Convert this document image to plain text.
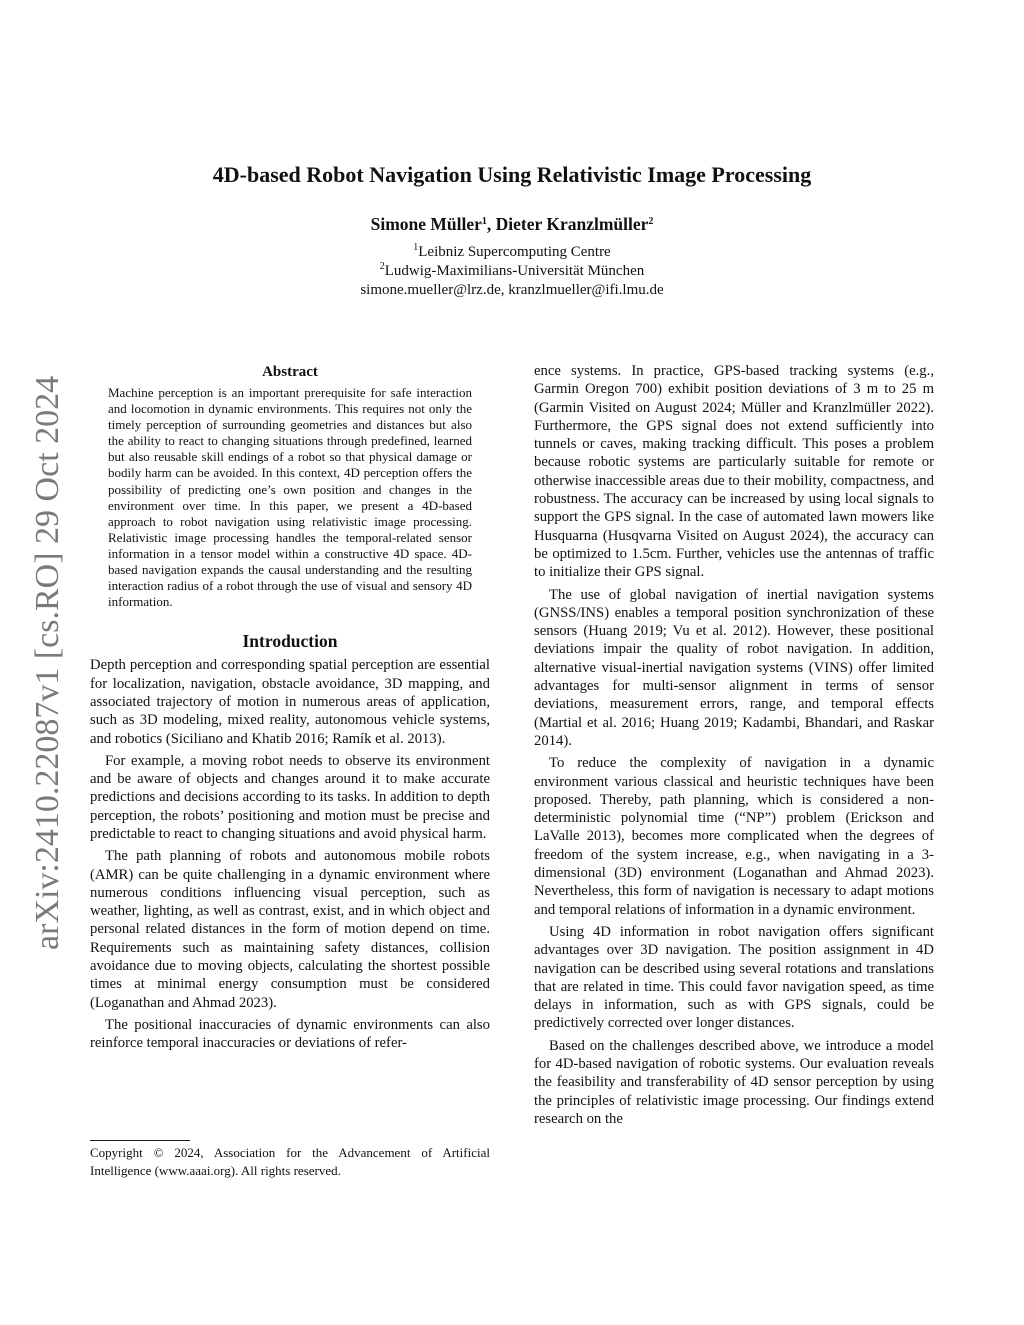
arXiv:2410.22087v1 [cs.RO] 29 Oct 2024
4D-based Robot Navigation Using Relativistic Image Processing
Simone Müller$^1$, Dieter Kranzlmüller$^2$
$^1$Leibniz Supercomputing Centre
$^2$Ludwig-Maximilians-Universität München
simone.mueller@lrz.de, kranzlmueller@ifi.lmu.de
Abstract

Machine perception is an important prerequisite for safe interaction and locomotion in dynamic environments. This requires not only the timely perception of surrounding geometries and distances but also the ability to react to changing situations through predefined, learned but also reusable skill endings of a robot so that physical damage or bodily harm can be avoided. In this context, 4D perception offers the possibility of predicting one’s own position and changes in the environment over time. In this paper, we present a 4D-based approach to robot navigation using relativistic image processing. Relativistic image processing handles the temporal-related sensor information in a tensor model within a constructive 4D space. 4D-based navigation expands the causal understanding and the resulting interaction radius of a robot through the use of visual and sensory 4D information.

Introduction

Depth perception and corresponding spatial perception are essential for localization, navigation, obstacle avoidance, 3D mapping, and associated trajectory of motion in numerous areas of application, such as 3D modeling, mixed reality, autonomous vehicle systems, and robotics (Siciliano and Khatib 2016; Ramík et al. 2013).

For example, a moving robot needs to observe its environment and be aware of objects and changes around it to make accurate predictions and decisions according to its tasks. In addition to depth perception, the robots’ positioning and motion must be precise and predictable to react to changing situations and avoid physical harm.

The path planning of robots and autonomous mobile robots (AMR) can be quite challenging in a dynamic environment where numerous conditions influencing visual perception, such as weather, lighting, as well as contrast, exist, and in which object and personal related distances in the form of motion depend on time. Requirements such as maintaining safety distances, collision avoidance due to moving objects, calculating the shortest possible times at minimal energy consumption must be considered (Loganathan and Ahmad 2023).

The positional inaccuracies of dynamic environments can also reinforce temporal inaccuracies or deviations of refer-

Copyright © 2024, Association for the Advancement of Artificial Intelligence (www.aaai.org). All rights reserved.

ence systems. In practice, GPS-based tracking systems (e.g., Garmin Oregon 700) exhibit position deviations of 3 m to 25 m (Garmin Visited on August 2024; Müller and Kranzlmüller 2022). Furthermore, the GPS signal does not extend sufficiently into tunnels or caves, making tracking difficult. This poses a problem because robotic systems are particularly suitable for remote or otherwise inaccessible areas due to their mobility, compactness, and robustness. The accuracy can be increased by using local signals to support the GPS signal. In the case of automated lawn mowers like Husquarna (Husqvarna Visited on August 2024), the accuracy can be optimized to 1.5cm. Further, vehicles use the antennas of traffic to initialize their GPS signal.

The use of global navigation of inertial navigation systems (GNSS/INS) enables a temporal position synchronization of these sensors (Huang 2019; Vu et al. 2012). However, these positional deviations impair the quality of robot navigation. In addition, alternative visual-inertial navigation systems (VINS) offer limited advantages for multi-sensor alignment in terms of sensor deviations, measurement errors, range, and temporal effects (Martial et al. 2016; Huang 2019; Kadambi, Bhandari, and Raskar 2014).

To reduce the complexity of navigation in a dynamic environment various classical and heuristic techniques have been proposed. Thereby, path planning, which is considered a non-deterministic polynomial time (“NP”) problem (Erickson and LaValle 2013), becomes more complicated when the degrees of freedom of the system increase, e.g., when navigating in a 3-dimensional (3D) environment (Loganathan and Ahmad 2023). Nevertheless, this form of navigation is necessary to adapt motions and temporal relations of information in a dynamic environment.

Using 4D information in robot navigation offers significant advantages over 3D navigation. The position assignment in 4D navigation can be described using several rotations and translations that are related in time. This could favor navigation speed, as time delays in information, such as with GPS signals, could be predictively corrected over longer distances.

Based on the challenges described above, we introduce a model for 4D-based navigation of robotic systems. Our evaluation reveals the feasibility and transferability of 4D sensor perception by using the principles of relativistic image processing. Our findings extend research on the
